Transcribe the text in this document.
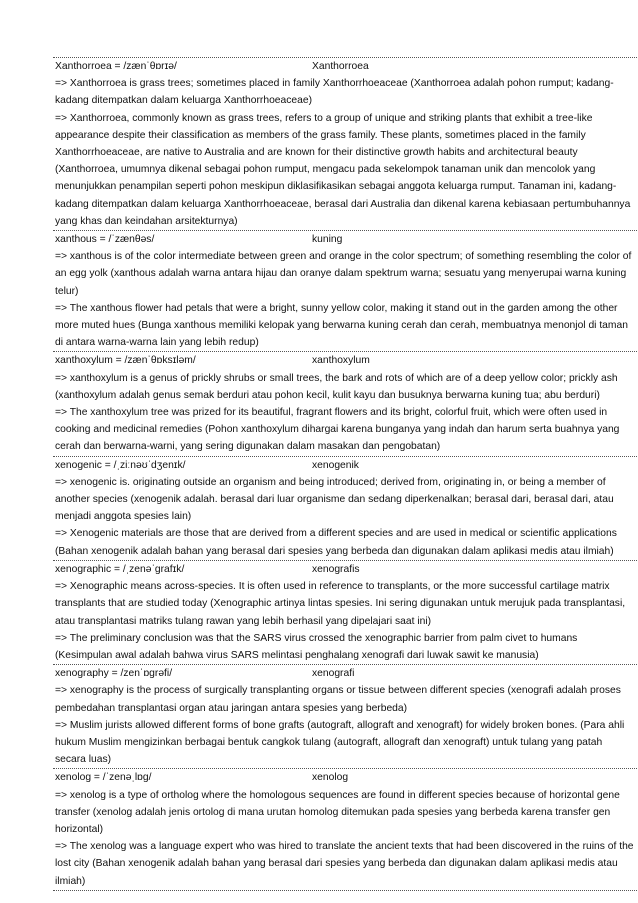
Xanthorroea = /zænˈθɒrɪə/	Xanthorroea

=> Xanthorroea is grass trees; sometimes placed in family Xanthorrhoeaceae (Xanthorroea adalah pohon rumput; kadang-kadang ditempatkan dalam keluarga Xanthorrhoeaceae)

=> Xanthorroea, commonly known as grass trees, refers to a group of unique and striking plants that exhibit a tree-like appearance despite their classification as members of the grass family. These plants, sometimes placed in the family Xanthorrhoeaceae, are native to Australia and are known for their distinctive growth habits and architectural beauty (Xanthorroea, umumnya dikenal sebagai pohon rumput, mengacu pada sekelompok tanaman unik dan mencolok yang menunjukkan penampilan seperti pohon meskipun diklasifikasikan sebagai anggota keluarga rumput. Tanaman ini, kadang-kadang ditempatkan dalam keluarga Xanthorrhoeaceae, berasal dari Australia dan dikenal karena kebiasaan pertumbuhannya yang khas dan keindahan arsitekturnya)

xanthous = /ˈzænθəs/	kuning

=> xanthous is of the color intermediate between green and orange in the color spectrum; of something resembling the color of an egg yolk (xanthous adalah warna antara hijau dan oranye dalam spektrum warna; sesuatu yang menyerupai warna kuning telur)

=> The xanthous flower had petals that were a bright, sunny yellow color, making it stand out in the garden among the other more muted hues (Bunga xanthous memiliki kelopak yang berwarna kuning cerah dan cerah, membuatnya menonjol di taman di antara warna-warna lain yang lebih redup)

xanthoxylum = /zænˈθɒksɪləm/	xanthoxylum

=> xanthoxylum is a genus of prickly shrubs or small trees, the bark and rots of which are of a deep yellow color; prickly ash (xanthoxylum adalah genus semak berduri atau pohon kecil, kulit kayu dan busuknya berwarna kuning tua; abu berduri)

=> The xanthoxylum tree was prized for its beautiful, fragrant flowers and its bright, colorful fruit, which were often used in cooking and medicinal remedies (Pohon xanthoxylum dihargai karena bunganya yang indah dan harum serta buahnya yang cerah dan berwarna-warni, yang sering digunakan dalam masakan dan pengobatan)

xenogenic = /ˌziːnəʊˈdʒenɪk/	xenogenik

=> xenogenic is. originating outside an organism and being introduced; derived from, originating in, or being a member of another species (xenogenik adalah. berasal dari luar organisme dan sedang diperkenalkan; berasal dari, berasal dari, atau menjadi anggota spesies lain)

=> Xenogenic materials are those that are derived from a different species and are used in medical or scientific applications (Bahan xenogenik adalah bahan yang berasal dari spesies yang berbeda dan digunakan dalam aplikasi medis atau ilmiah)

xenographic = /ˌzenəˈgrafɪk/	xenografis

=> Xenographic means across-species. It is often used in reference to transplants, or the more successful cartilage matrix transplants that are studied today (Xenographic artinya lintas spesies. Ini sering digunakan untuk merujuk pada transplantasi, atau transplantasi matriks tulang rawan yang lebih berhasil yang dipelajari saat ini)

=> The preliminary conclusion was that the SARS virus crossed the xenographic barrier from palm civet to humans (Kesimpulan awal adalah bahwa virus SARS melintasi penghalang xenografi dari luwak sawit ke manusia)

xenography = /zenˈɒgrəfi/	xenografi

=> xenography is the process of surgically transplanting organs or tissue between different species (xenografi adalah proses pembedahan transplantasi organ atau jaringan antara spesies yang berbeda)

=> Muslim jurists allowed different forms of bone grafts (autograft, allograft and xenograft) for widely broken bones. (Para ahli hukum Muslim mengizinkan berbagai bentuk cangkok tulang (autograft, allograft dan xenograft) untuk tulang yang patah secara luas)

xenolog = /ˈzenəˌlɒg/	xenolog

=> xenolog is a type of ortholog where the homologous sequences are found in different species because of horizontal gene transfer (xenolog adalah jenis ortolog di mana urutan homolog ditemukan pada spesies yang berbeda karena transfer gen horizontal)

=> The xenolog was a language expert who was hired to translate the ancient texts that had been discovered in the ruins of the lost city (Bahan xenogenik adalah bahan yang berasal dari spesies yang berbeda dan digunakan dalam aplikasi medis atau ilmiah)
